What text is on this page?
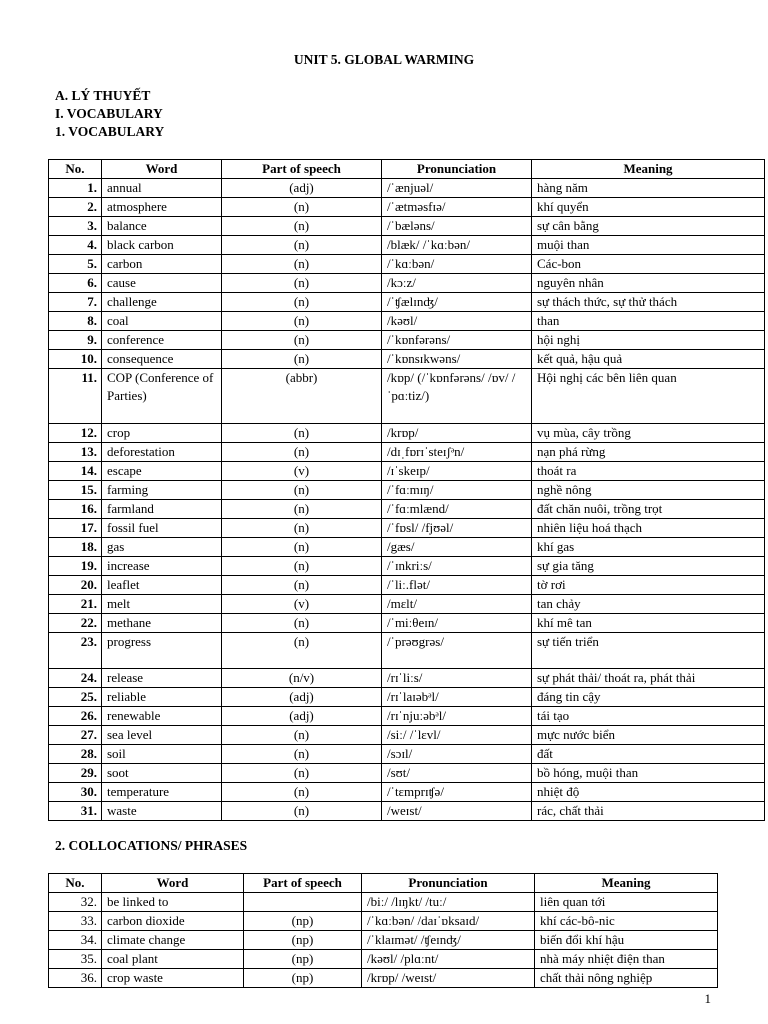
UNIT 5. GLOBAL WARMING
A. LÝ THUYẾT
I. VOCABULARY
1. VOCABULARY
No.	Word	Part of speech	Pronunciation	Meaning
1.	annual	(adj)	/ˈænjuəl/	hàng năm
2.	atmosphere	(n)	/ˈætməsfɪə/	khí quyển
3.	balance	(n)	/ˈbæləns/	sự cân bằng
4.	black carbon	(n)	/blæk/ /ˈkɑːbən/	muội than
5.	carbon	(n)	/ˈkɑːbən/	Các-bon
6.	cause	(n)	/kɔːz/	nguyên nhân
7.	challenge	(n)	/ˈʧælɪnʤ/	sự thách thức, sự thử thách
8.	coal	(n)	/kəʊl/	than
9.	conference	(n)	/ˈkɒnfərəns/	hội nghị
10.	consequence	(n)	/ˈkɒnsɪkwəns/	kết quả, hậu quả
11.	COP (Conference of Parties)	(abbr)	/kɒp/ (/ˈkɒnfərəns/ /ɒv/ /ˈpɑːtiz/)	Hội nghị các bên liên quan
12.	crop	(n)	/krɒp/	vụ mùa, cây trồng
13.	deforestation	(n)	/dɪˌfɒrɪˈsteɪʃᵊn/	nạn phá rừng
14.	escape	(v)	/ɪˈskeɪp/	thoát ra
15.	farming	(n)	/ˈfɑːmɪŋ/	nghề nông
16.	farmland	(n)	/ˈfɑːmlænd/	đất chăn nuôi, trồng trọt
17.	fossil fuel	(n)	/ˈfɒsl/ /fjʊəl/	nhiên liệu hoá thạch
18.	gas	(n)	/gæs/	khí gas
19.	increase	(n)	/ˈɪnkriːs/	sự gia tăng
20.	leaflet	(n)	/ˈliː.flət/	tờ rơi
21.	melt	(v)	/mɛlt/	tan chảy
22.	methane	(n)	/ˈmiːθeɪn/	khí mê tan
23.	progress	(n)	/ˈprəʊgrəs/	sự tiến triển
24.	release	(n/v)	/rɪˈliːs/	sự phát thải/ thoát ra, phát thải
25.	reliable	(adj)	/rɪˈlaɪəbᵊl/	đáng tin cậy
26.	renewable	(adj)	/rɪˈnjuːəbᵊl/	tái tạo
27.	sea level	(n)	/siː/ /ˈlɛvl/	mực nước biển
28.	soil	(n)	/sɔɪl/	đất
29.	soot	(n)	/sʊt/	bồ hóng, muội than
30.	temperature	(n)	/ˈtɛmprɪʧə/	nhiệt độ
31.	waste	(n)	/weɪst/	rác, chất thải
2. COLLOCATIONS/ PHRASES
No.	Word	Part of speech	Pronunciation	Meaning
32.	be linked to		/biː/ /lɪŋkt/ /tuː/	liên quan tới
33.	carbon dioxide	(np)	/ˈkɑːbən/ /daɪˈɒksaɪd/	khí các-bô-nic
34.	climate change	(np)	/ˈklaɪmət/ /ʧeɪnʤ/	biến đổi khí hậu
35.	coal plant	(np)	/kəʊl/ /plɑːnt/	nhà máy nhiệt điện than
36.	crop waste	(np)	/krɒp/ /weɪst/	chất thải nông nghiệp
1
